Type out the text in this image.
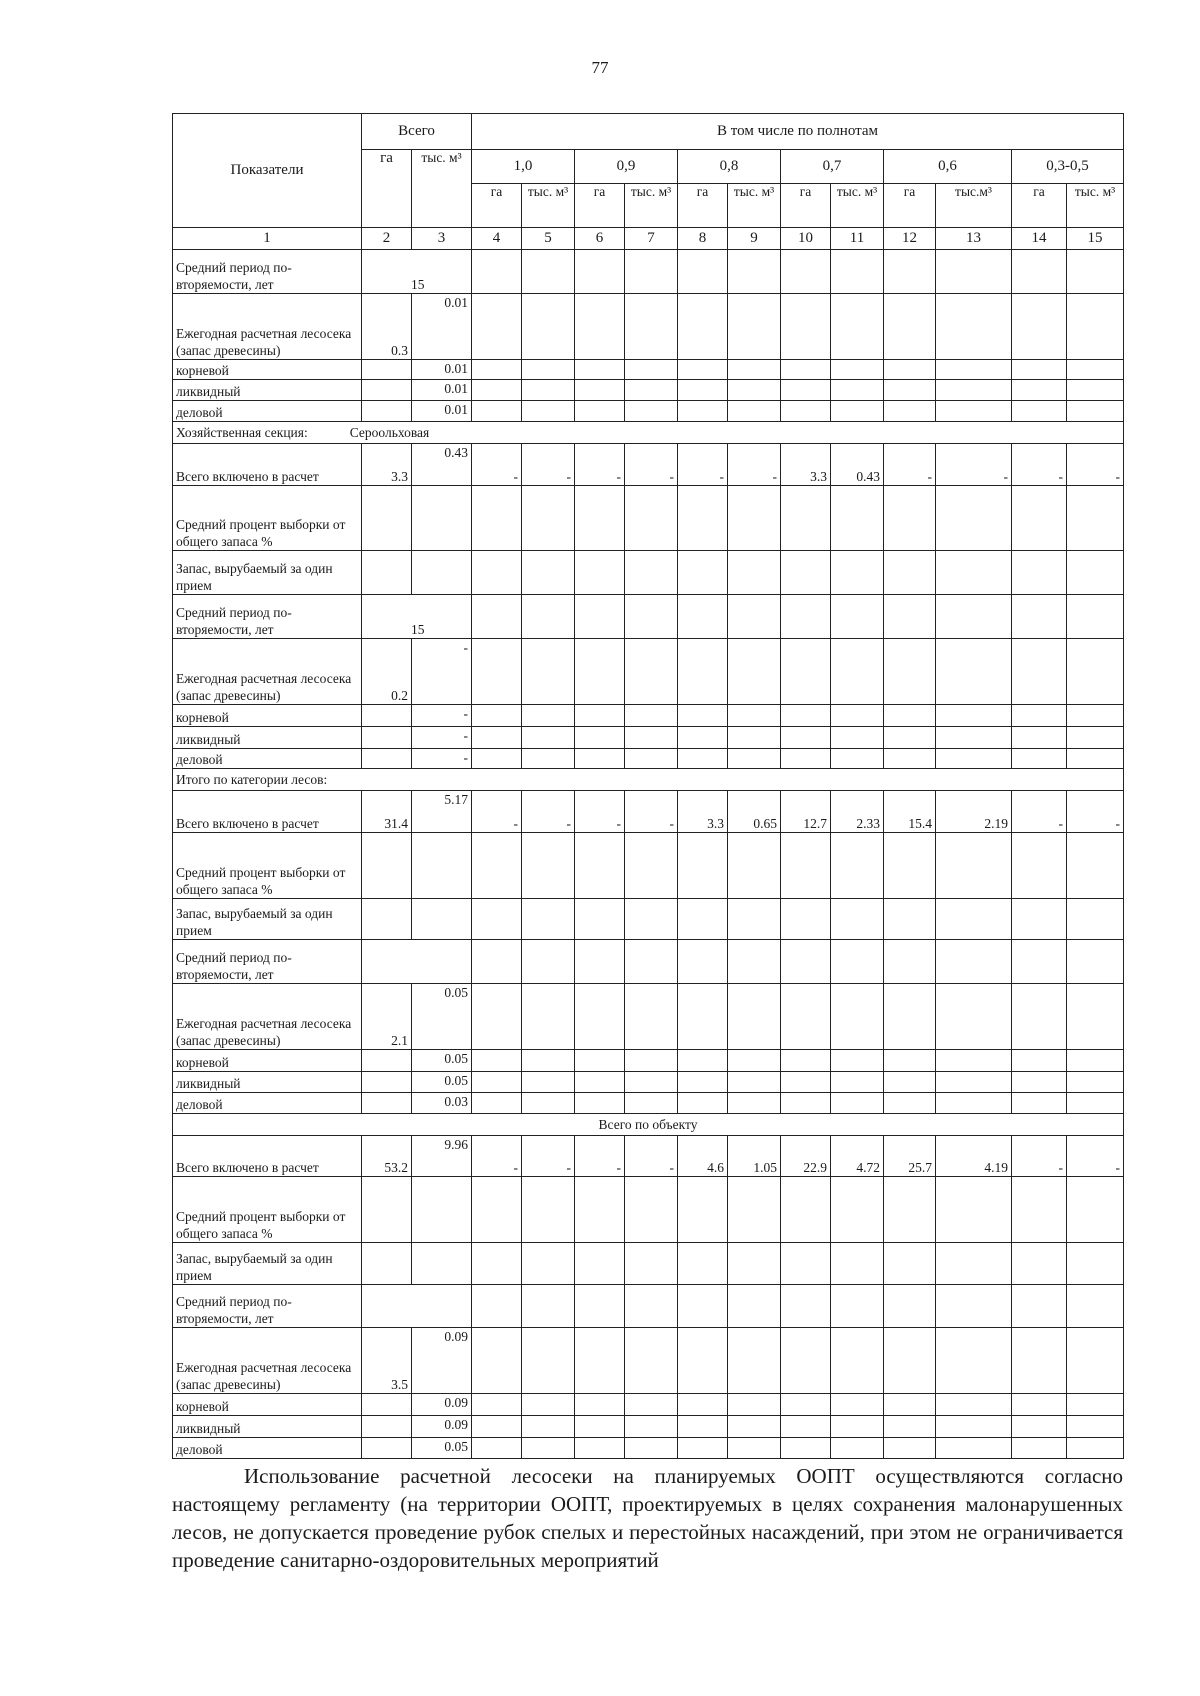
77
Показатели	Всего		В том числе по полнотам											
	га	тыс. м³	1,0		0,9		0,8		0,7		0,6		0,3-0,5	
			га	тыс. м³	га	тыс. м³	га	тыс. м³	га	тыс. м³	га	тыс.м³	га	тыс. м³
1	2	3	4	5	6	7	8	9	10	11	12	13	14	15
Средний период по-вторяемости, лет	15													
Ежегодная расчетная лесосека (запас древесины)	0.3	0.01												
корневой		0.01												
ликвидный		0.01												
деловой		0.01												
Хозяйственная секция: Сероольховая														
Всего включено в расчет	3.3	0.43	-	-	-	-	-	-	3.3	0.43	-	-	-	-
Средний процент выборки от общего запаса %														
Запас, вырубаемый за один прием														
Средний период по-вторяемости, лет	15													
Ежегодная расчетная лесосека (запас древесины)	0.2	-												
корневой		-												
ликвидный		-												
деловой		-												
Итого по категории лесов:														
Всего включено в расчет	31.4	5.17	-	-	-	-	3.3	0.65	12.7	2.33	15.4	2.19	-	-
Средний процент выборки от общего запаса %														
Запас, вырубаемый за один прием														
Средний период по-вторяемости, лет														
Ежегодная расчетная лесосека (запас древесины)	2.1	0.05												
корневой		0.05												
ликвидный		0.05												
деловой		0.03												
Всего по объекту														
Всего включено в расчет	53.2	9.96	-	-	-	-	4.6	1.05	22.9	4.72	25.7	4.19	-	-
Средний процент выборки от общего запаса %														
Запас, вырубаемый за один прием														
Средний период по-вторяемости, лет														
Ежегодная расчетная лесосека (запас древесины)	3.5	0.09												
корневой		0.09												
ликвидный		0.09												
деловой		0.05												

Использование расчетной лесосеки на планируемых ООПТ осуществляются согласно настоящему регламенту (на территории ООПТ, проектируемых в целях сохранения малонарушенных лесов, не допускается проведение рубок спелых и перестойных насаждений, при этом не ограничивается проведение санитарно-оздоровительных мероприятий
